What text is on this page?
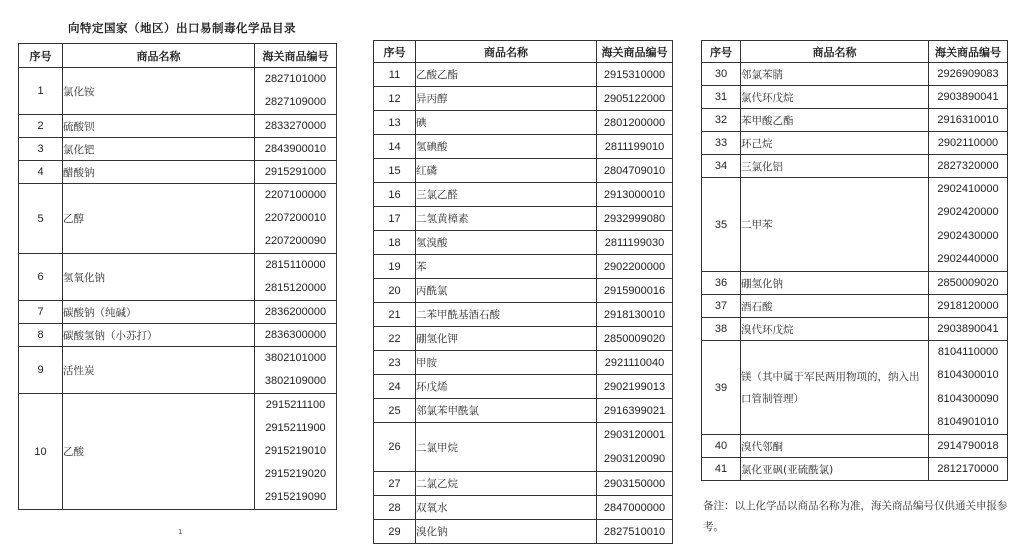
向特定国家（地区）出口易制毒化学品目录
序号	商品名称	海关商品编号
1	氯化铵	2827101000
2827109000

2	硫酸钡	2833270000
3	氯化钯	2843900010
4	醋酸钠	2915291000
5	乙醇	2207100000
2207200010
2207200090

6	氢氧化钠	2815110000
2815120000

7	碳酸钠（纯碱）	2836200000
8	碳酸氢钠（小苏打）	2836300000
9	活性炭	3802101000
3802109000

10	乙酸	2915211100
2915211900
2915219010
2915219020
2915219090
序号	商品名称	海关商品编号
11	乙酸乙酯	2915310000
12	异丙醇	2905122000
13	碘	2801200000
14	氢碘酸	2811199010
15	红磷	2804709010
16	三氯乙醛	2913000010
17	二氢黄樟素	2932999080
18	氢溴酸	2811199030
19	苯	2902200000
20	丙酰氯	2915900016
21	二苯甲酰基酒石酸	2918130010
22	硼氢化钾	2850009020
23	甲胺	2921110040
24	环戊烯	2902199013
25	邻氯苯甲酰氯	2916399021
26	二氯甲烷	2903120001
2903120090

27	二氯乙烷	2903150000
28	双氧水	2847000000
29	溴化钠	2827510010
序号	商品名称	海关商品编号
30	邻氯苯腈	2926909083
31	氯代环戊烷	2903890041
32	苯甲酸乙酯	2916310010
33	环己烷	2902110000
34	三氯化铝	2827320000
35	二甲苯	2902410000
2902420000
2902430000
2902440000

36	硼氢化钠	2850009020
37	酒石酸	2918120000
38	溴代环戊烷	2903890041
39	镁（其中属于军民两用物项的，纳入出口管制管理）	8104110000
8104300010
8104300090
8104901010

40	溴代邻酮	2914790018
41	氯化亚砜(亚硫酰氯)	2812170000
备注：以上化学品以商品名称为准，海关商品编号仅供通关申报参考。
1
